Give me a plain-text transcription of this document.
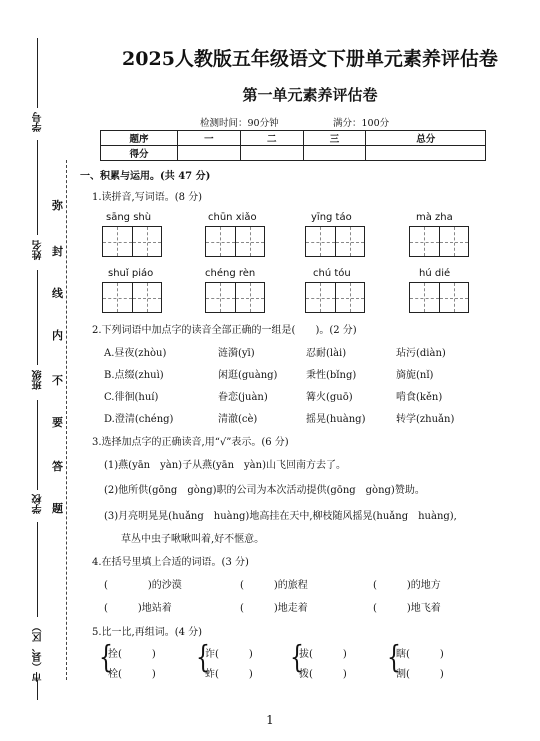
学号
姓名
班级
学校
市（县、区）
弥
封
线
内
不
要
答
题
2025人教版五年级语文下册单元素养评估卷
第一单元素养评估卷
检测时间：90分钟	满分：100分
题序	一	二	三	总分
得分				
一、积累与运用。(共 47 分)
1.读拼音,写词语。(8 分)
sāng shù	chūn xiǎo	yīng táo	mà zha
shuǐ piáo	chéng rèn	chú tóu	hú dié
2.下列词语中加点字的读音全部正确的一组是(　　)。(2 分)
A.昼夜(zhòu)	涟漪(yī)	忍耐(lài)	玷污(diàn)
B.点缀(zhuì)	闲逛(guàng)	秉性(bǐng)	旖旎(nǐ)
C.徘徊(huí)	眷恋(juàn)	篝火(guō)	啃食(kěn)
D.澄清(chéng)	清澈(cè)	摇晃(huàng)	转学(zhuǎn)
3.选择加点字的正确读音,用“√”表示。(6 分)
(1)燕(yān　yàn)子从燕(yān　yàn)山飞回南方去了。
(2)他所供(gōng　gòng)职的公司为本次活动提供(gōng　gòng)赞助。
(3)月亮明晃晃(huǎng　huàng)地高挂在天中,柳枝随风摇晃(huǎng　huàng),
草丛中虫子啾啾叫着,好不惬意。
4.在括号里填上合适的词语。(3 分)
(　　　　)的沙漠	(　　　)的旅程	(　　　)的地方
(　　　)地站着	(　　　)地走着	(　　　)地飞着
5.比一比,再组词。(4 分)
{
拴(　　　)
栓(　　　) {
诈(　　　)
蚱(　　　) {
拔(　　　)
拨(　　　) {
瞎(　　　)
割(　　　)
1
